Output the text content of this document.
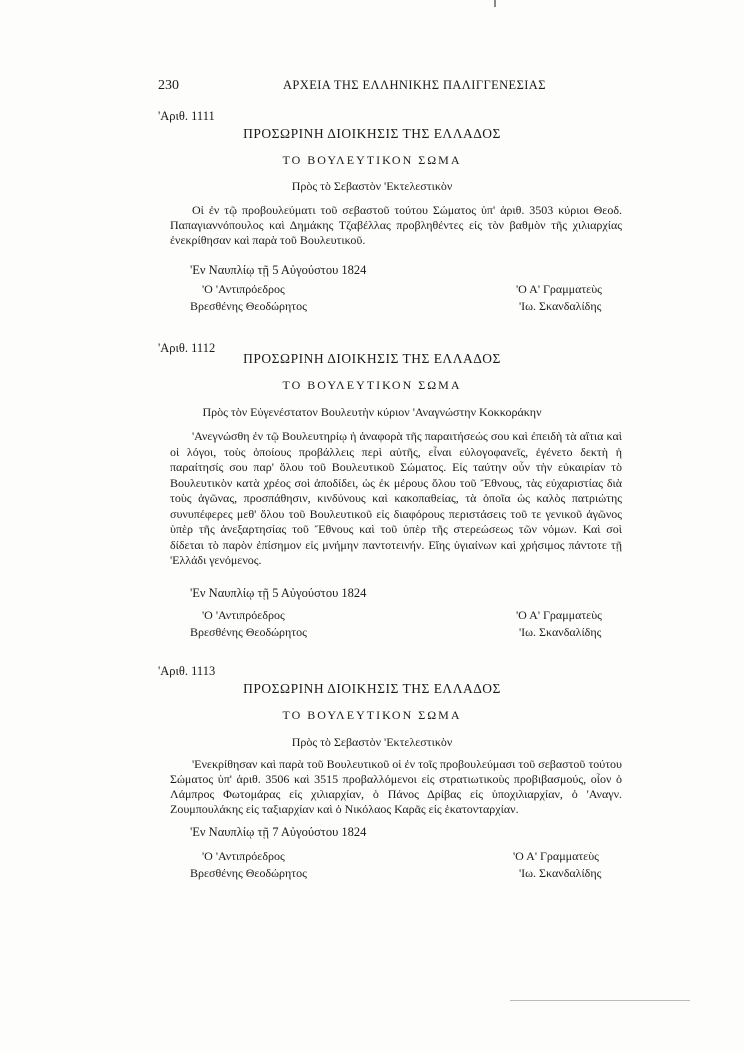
230	ΑΡΧΕΙΑ ΤΗΣ ΕΛΛΗΝΙΚΗΣ ΠΑΛΙΓΓΕΝΕΣΙΑΣ
'Αριθ. 1111
ΠΡΟΣΩΡΙΝΗ ΔΙΟΙΚΗΣΙΣ ΤΗΣ ΕΛΛΑΔΟΣ
ΤΟ ΒΟΥΛΕΥΤΙΚΟΝ ΣΩΜΑ
Πρὸς τὸ Σεβαστὸν 'Εκτελεστικὸν
Οἱ ἐν τῷ προβουλεύματι τοῦ σεβαστοῦ τούτου Σώματος ὑπ' ἀριθ. 3503 κύριοι Θεοδ. Παπαγιαννόπουλος καὶ Δημάκης Τζαβέλλας προβληθέντες εἰς τὸν βαθμὸν τῆς χιλιαρχίας ἐνεκρίθησαν καὶ παρὰ τοῦ Βουλευτικοῦ.
'Εν Ναυπλίῳ τῇ 5 Αὐγούστου 1824
'Ο 'Αντιπρόεδρος
Βρεσθένης Θεοδώρητος
'Ο Α' Γραμματεὺς
'Ιω. Σκανδαλίδης
'Αριθ. 1112
ΠΡΟΣΩΡΙΝΗ ΔΙΟΙΚΗΣΙΣ ΤΗΣ ΕΛΛΑΔΟΣ
ΤΟ ΒΟΥΛΕΥΤΙΚΟΝ ΣΩΜΑ
Πρὸς τὸν Εὐγενέστατον Βουλευτὴν κύριον 'Αναγνώστην Κοκκοράκην
'Ανεγνώσθη ἐν τῷ Βουλευτηρίῳ ἡ ἀναφορὰ τῆς παραιτήσεώς σου καὶ ἐπειδὴ τὰ αἴτια καὶ οἱ λόγοι, τοὺς ὁποίους προβάλλεις περὶ αὐτῆς, εἶναι εὐλογοφανεῖς, ἐγένετο δεκτὴ ἡ παραίτησίς σου παρ' ὅλου τοῦ Βουλευτικοῦ Σώματος. Εἰς ταύτην οὖν τὴν εὐκαιρίαν τὸ Βουλευτικὸν κατὰ χρέος σοὶ ἀποδίδει, ὡς ἐκ μέρους ὅλου τοῦ Ἔθνους, τὰς εὐχαριστίας διὰ τοὺς ἀγῶνας, προσπάθησιν, κινδύνους καὶ κακοπαθείας, τὰ ὁποῖα ὡς καλὸς πατριώτης συνυπέφερες μεθ' ὅλου τοῦ Βουλευτικοῦ εἰς διαφόρους περιστάσεις τοῦ τε γενικοῦ ἀγῶνος ὑπὲρ τῆς ἀνεξαρτησίας τοῦ Ἔθνους καὶ τοῦ ὑπὲρ τῆς στερεώσεως τῶν νόμων. Καὶ σοὶ δίδεται τὸ παρὸν ἐπίσημον εἰς μνήμην παντοτεινήν. Εἴης ὑγιαίνων καὶ χρήσιμος πάντοτε τῇ 'Ελλάδι γενόμενος.
'Εν Ναυπλίῳ τῇ 5 Αὐγούστου 1824
'Ο 'Αντιπρόεδρος
Βρεσθένης Θεοδώρητος
'Ο Α' Γραμματεὺς
'Ιω. Σκανδαλίδης
'Αριθ. 1113
ΠΡΟΣΩΡΙΝΗ ΔΙΟΙΚΗΣΙΣ ΤΗΣ ΕΛΛΑΔΟΣ
ΤΟ ΒΟΥΛΕΥΤΙΚΟΝ ΣΩΜΑ
Πρὸς τὸ Σεβαστὸν 'Εκτελεστικὸν
'Ενεκρίθησαν καὶ παρὰ τοῦ Βουλευτικοῦ οἱ ἐν τοῖς προβουλεύμασι τοῦ σεβαστοῦ τούτου Σώματος ὑπ' ἀριθ. 3506 καὶ 3515 προβαλλόμενοι εἰς στρατιωτικοὺς προβιβασμούς, οἷον ὁ Λάμπρος Φωτομάρας εἰς χιλιαρχίαν, ὁ Πάνος Δρίβας εἰς ὑποχιλιαρχίαν, ὁ 'Αναγν. Ζουμπουλάκης εἰς ταξιαρχίαν καὶ ὁ Νικόλαος Καρᾶς εἰς ἑκατονταρχίαν.
'Εν Ναυπλίῳ τῇ 7 Αὐγούστου 1824
'Ο 'Αντιπρόεδρος
Βρεσθένης Θεοδώρητος
'Ο Α' Γραμματεὺς
'Ιω. Σκανδαλίδης
